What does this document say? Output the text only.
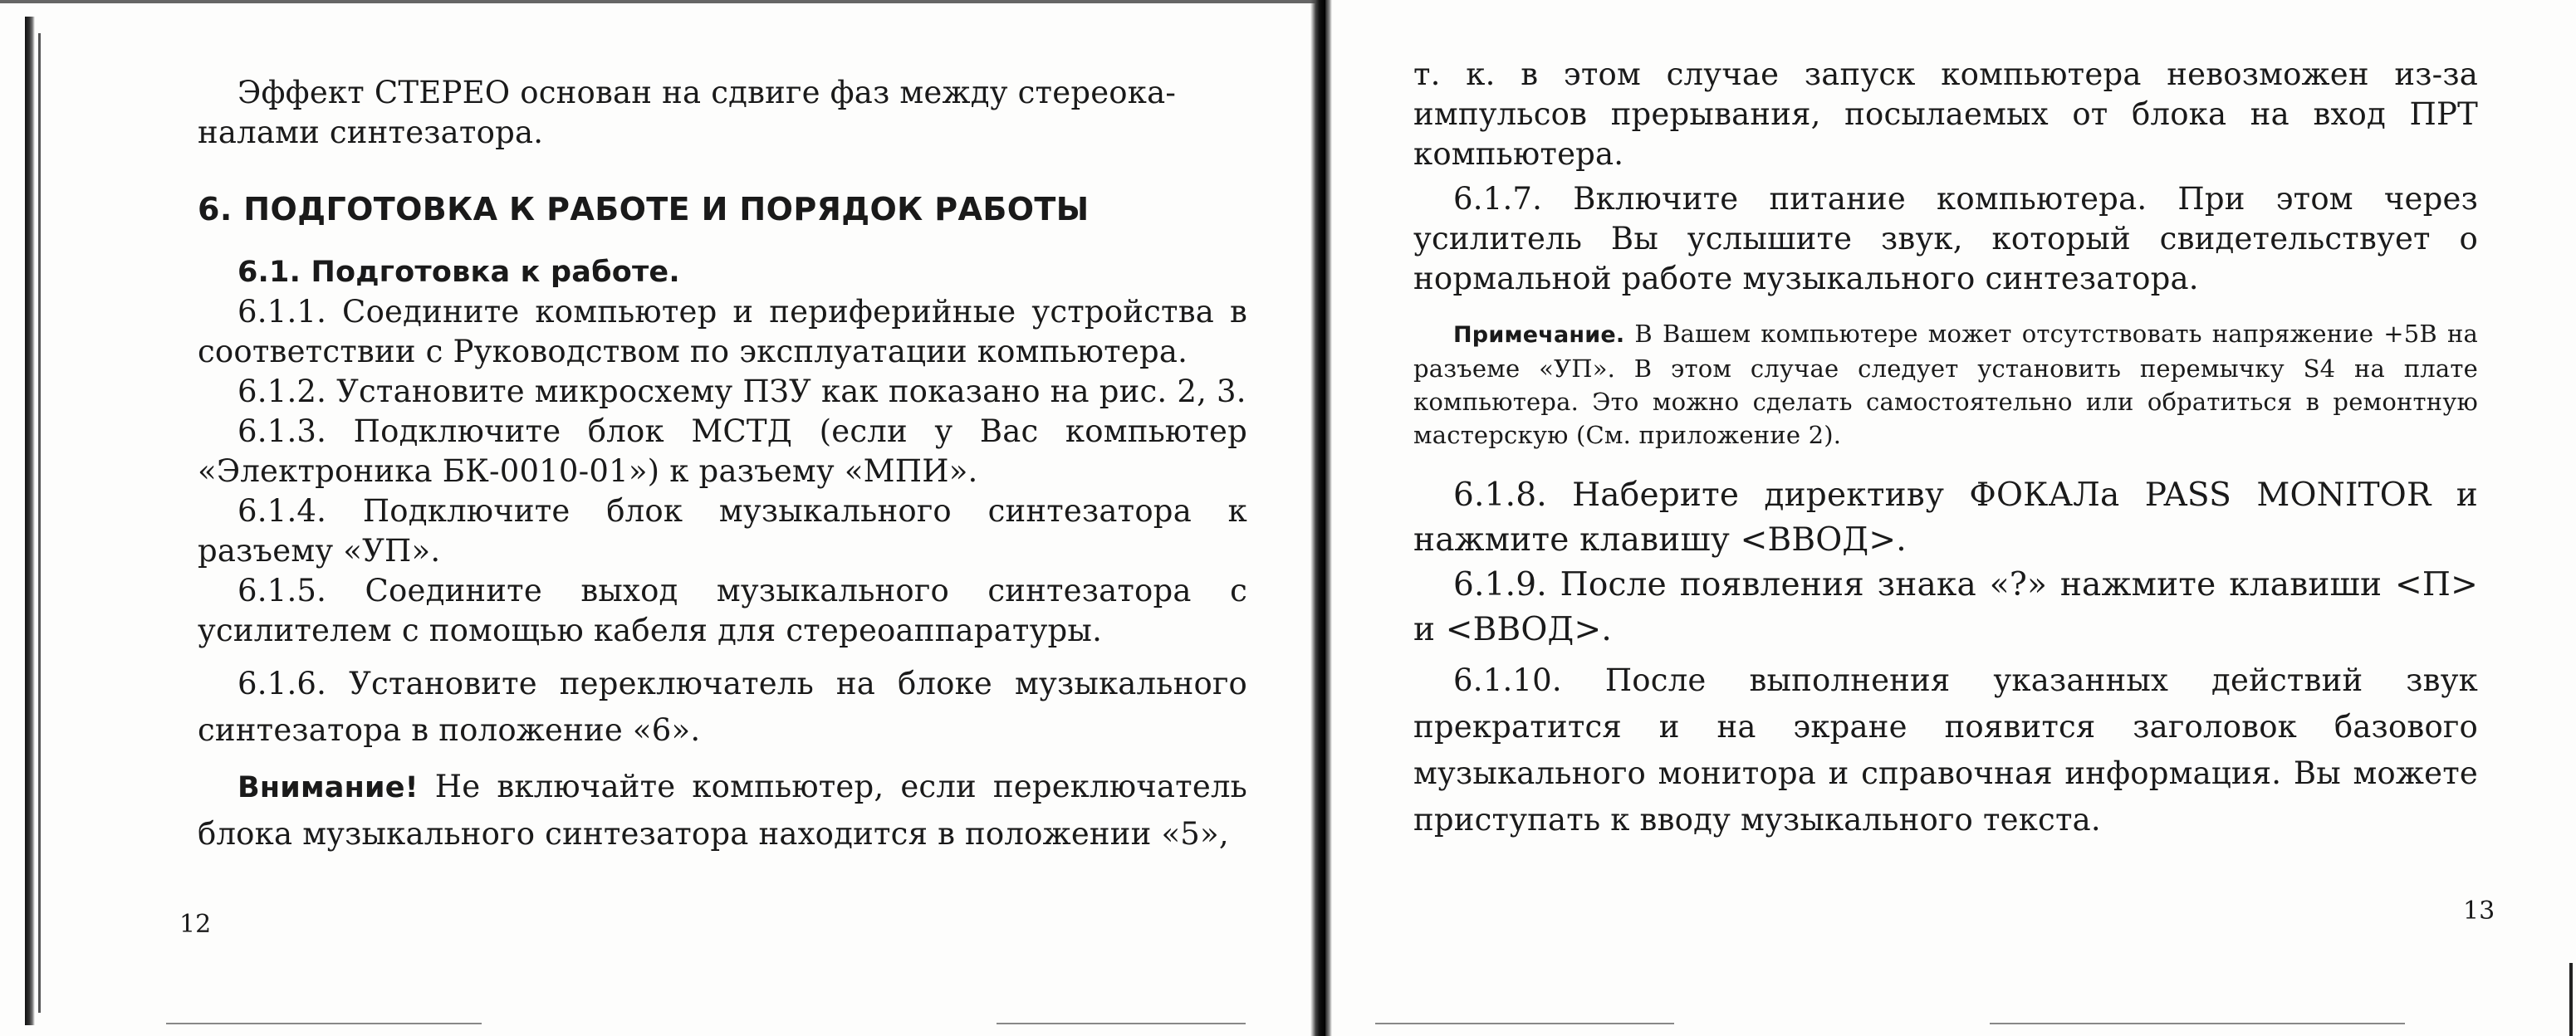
Эффект СТЕРЕО основан на сдвиге фаз между стереока-

налами синтезатора.

6. ПОДГОТОВКА К РАБОТЕ И ПОРЯДОК РАБОТЫ

6.1. Подготовка к работе.

6.1.1. Соедините компьютер и периферийные устройства в соответствии с Руководством по эксплуатации компьютера.

6.1.2. Установите микросхему ПЗУ как показано на рис. 2, 3.

6.1.3. Подключите блок МСТД (если у Вас компьютер «Электроника БК-0010-01») к разъему «МПИ».

6.1.4. Подключите блок музыкального синтезатора к разъему «УП».

6.1.5. Соедините выход музыкального синтезатора с усилителем с помощью кабеля для стереоаппаратуры.

6.1.6. Установите переключатель на блоке музыкального синтезатора в положение «6».

Внимание! Не включайте компьютер, если переключатель блока музыкального синтезатора находится в положении «5»,

12

т. к. в этом случае запуск компьютера невозможен из-за импульсов прерывания, посылаемых от блока на вход ПРТ компьютера.

6.1.7. Включите питание компьютера. При этом через усилитель Вы услышите звук, который свидетельствует о нормальной работе музыкального синтезатора.

Примечание. В Вашем компьютере может отсутствовать напряжение +5В на разъеме «УП». В этом случае следует установить перемычку S4 на плате компьютера. Это можно сделать самостоятельно или обратиться в ремонтную мастерскую (См. приложение 2).

6.1.8. Наберите директиву ФОКАЛа PASS MONITOR и нажмите клавишу <ВВОД>.

6.1.9. После появления знака «?» нажмите клавиши <П> и <ВВОД>.

6.1.10. После выполнения указанных действий звук прекратится и на экране появится заголовок базового музыкального монитора и справочная информация. Вы можете приступать к вводу музыкального текста.

13
